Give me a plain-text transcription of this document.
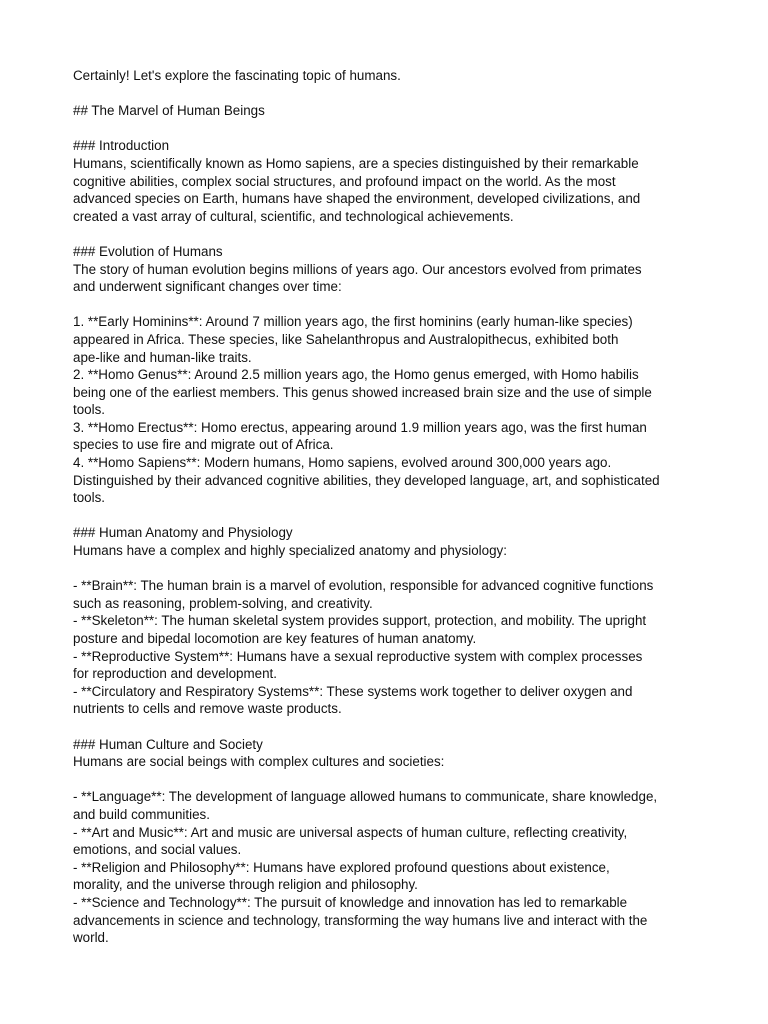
Certainly! Let's explore the fascinating topic of humans.
## The Marvel of Human Beings
### Introduction
Humans, scientifically known as Homo sapiens, are a species distinguished by their remarkable
cognitive abilities, complex social structures, and profound impact on the world. As the most
advanced species on Earth, humans have shaped the environment, developed civilizations, and
created a vast array of cultural, scientific, and technological achievements.
### Evolution of Humans
The story of human evolution begins millions of years ago. Our ancestors evolved from primates
and underwent significant changes over time:
1. **Early Hominins**: Around 7 million years ago, the first hominins (early human-like species)
appeared in Africa. These species, like Sahelanthropus and Australopithecus, exhibited both
ape-like and human-like traits.
2. **Homo Genus**: Around 2.5 million years ago, the Homo genus emerged, with Homo habilis
being one of the earliest members. This genus showed increased brain size and the use of simple
tools.
3. **Homo Erectus**: Homo erectus, appearing around 1.9 million years ago, was the first human
species to use fire and migrate out of Africa.
4. **Homo Sapiens**: Modern humans, Homo sapiens, evolved around 300,000 years ago.
Distinguished by their advanced cognitive abilities, they developed language, art, and sophisticated
tools.
### Human Anatomy and Physiology
Humans have a complex and highly specialized anatomy and physiology:
- **Brain**: The human brain is a marvel of evolution, responsible for advanced cognitive functions
such as reasoning, problem-solving, and creativity.
- **Skeleton**: The human skeletal system provides support, protection, and mobility. The upright
posture and bipedal locomotion are key features of human anatomy.
- **Reproductive System**: Humans have a sexual reproductive system with complex processes
for reproduction and development.
- **Circulatory and Respiratory Systems**: These systems work together to deliver oxygen and
nutrients to cells and remove waste products.
### Human Culture and Society
Humans are social beings with complex cultures and societies:
- **Language**: The development of language allowed humans to communicate, share knowledge,
and build communities.
- **Art and Music**: Art and music are universal aspects of human culture, reflecting creativity,
emotions, and social values.
- **Religion and Philosophy**: Humans have explored profound questions about existence,
morality, and the universe through religion and philosophy.
- **Science and Technology**: The pursuit of knowledge and innovation has led to remarkable
advancements in science and technology, transforming the way humans live and interact with the
world.
